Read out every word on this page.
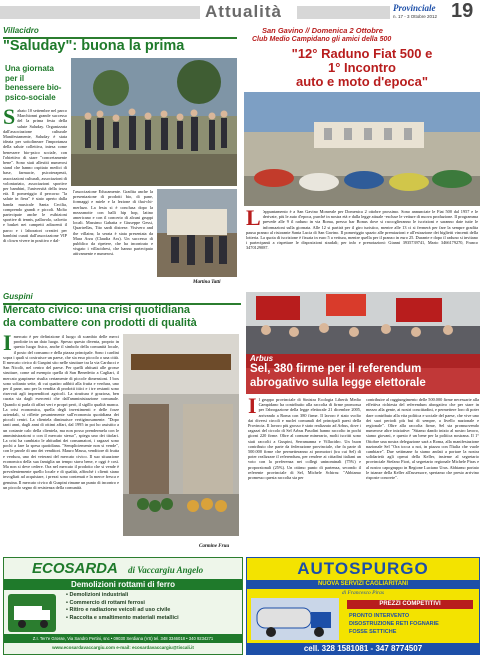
Attualità	Provinciale
n. 17 - 3 Ottobre 2012 19
Villacidro
"Saluday": buona la prima
Una giornata per il benessere bio-psico-sociale
Sabato 10 settembre nel parco Marchionni grande successo del la prima festa della salute Saluday. Organizzata dall'associazione culturale Manifestamente, Saluday è stata ideata per sottolineare l'importanza della salute collettiva, intesa come benessere bio-psico sociale, con l'obiettivo di stare "concretamente bene". Sono stati allestiti numerosi stand che hanno ospitato medici di base, farmacie, psicoterapeuti, associazioni culturali, associazioni di volontariato, associazioni sportive per bambini, l'università della terza età. Il pomeriggio il percorso "la salute in fiera" è stato aperto dalla banda musicale Santa Cecilia, comprendo grandi e piccoli. Molto partecipate anche le esibizioni sportive di tennis, pallavolo, calcetto e basket nei campetti adiacenti il parco e i laboratori creativi per bambini curati dall'associazione VIP di clown vivere in positivo e dal-
l'associazione Educamente. Gradita anche la presentazione di prodotti bio, di pane, formaggi e miele e la lezione di thai-chi-merluzo. La festa si è conclusa dopo la mezzanotte con balli hip hop, latino americano e con il concerto di alcuni gruppi locali. Massimo Gabatta e Giuseppe Gessi, Quartrellas, Tito sardi distrese. Visivero and the villains; la serata è stata presentata da Mara Arzu (Claudia Arx). Un successo di pubblico da ripetere, che ha incontrato e visgato i villacidresi, che hanno partecipato attivamente e numerosi.
Martina Tatti
San Gavino // Domenica 2 Ottobre
Club Medio Campidano gli amici della 500
"12° Raduno Fiat 500 e
1° Incontro
auto e moto d'epoca"
L 'appuntamento è a San Gavino Monreale per Domenica 2 ottobre prossimo. Sono annunciate le Fiat 500 dal 1957 e le derivate, più le auto d'epoca, purché in nostra età e dalla legge attuale -escluse le vetture di nuova produzione. Il programma prevede alle 9 il raduno in via Roma, presso bar Bonus dove si raccoglieranno le iscrizioni e saranno date tutte le informazioni sulla giornata. Alle 12 si partirà per il giro turistico, mentre alle 13 ci si fermerà per fare la sempre gradita pausa pranzo al ristorante Santa Lucia di San Gavino. Il pomeriggio spazio alle premiazioni e all'estrazione dei biglietti vincenti della lotteria. La quota di iscrizione è fissata in euro 5 a vettura, mentre quella per il pranzo in euro 25. Durante e dopo il raduno si invitano i partecipanti a rispettare le disposizioni stradali; per info e prenotazioni: Gianni 3935739741, Mario 3466179270, Franco 3470129087.
Guspini
Mercato civico: una crisi quotidiana
da combattere con prodotti di qualità
Imercato è per definizione il luogo di scambio delle merci prodotte in un dato luogo. Spesso questo diventa, proprio in questo luogo fisico, anche il simbolo della comunità locale, il posto del consumo e della piazza principale. Sono i cardini sopra i quali si costruisce un paese, che sia esso piccolo o una città. Il mercato civico di Guspini sito nelle strutture tra la via Carducci e San Nicolò, nel centro del paese. Per quelli abituati alle grosse strutture, come ad esempio quella di San Benedetto a Cagliari, il mercato guspinese risulta certamente di piccole dimensioni. I box sono soltanto sette, di cui quattro adibiti alla frutta e verdura, uno per il pane, uno per la vendita di prodotti ittici e i tre restanti sono riservati agli imprenditori agricoli. La struttura è graziosa, ben curata sia dagli esercenti che dall'amministrazione comunale. Quando si parla di affari veri e propri però, il sigillo qualità manca. La crisi economica, quella degli investimenti e delle forze aziendali, si riflette pesantemente sull'economia quotidiana dei piccoli centri. La clientela diminuisce vertiginosamente. "Dopo tanti anni, dagli anni di ottimi affari, dal 1995 in poi ho assistito a un costante calo della clientela, ma non posso prendermela con le amministrazioni o con il mercato stesso", spiega uno dei titolari. La crisi ha cambiato le abitudini dei consumatori, i ragazzi sono pochi a fare la spesa quotidiana. "Sempliciemente non si vende", con le parole di uno dei venditori. Mauro Massa, venditore di frutta e verdura, uno dei veterani del mercato civico. Il suo situazione economica della sua famiglia un tempo stava bene, e oggi è così. Ma non si deve cedere. Ora nel mercato il prodotto che si vende è prevalentemente quello locale e di qualità, affinché i clienti siano invogliati ad acquistare, i prezzi sono contenuti e la merce fresca e genuina. Il mercato civico di Guspini rimane un punto di incontro e un piccolo segno di resistenza della comunità.
Carmine Fruu
Arbus
Sel, 380 firme per il referendum
abrogativo sulla legge elettorale
Il gruppo provinciale di Sinistra Ecologia Libertà Medio Campidano ha contribuito alla raccolta di firme promossa per l'abrogazione della legge elettorale 21 dicembre 2005, arrivando a Roma con 380 firme. Il lavoro è stato svolto dai diversi circoli e nuclei comunali del principali paesi della Provincia. Il lavoro più grosso è stato realizzato ad Arbus, dove i ragazzi del circolo di Sel Arbus Pasolini hanno raccolto in pochi giorni 220 firme. Oltre al comune minerario, molti iscritti sono stati raccolti a Guspini, Serramanna e Villacidro. Un buon contributo che parte da federazione provinciale, che fa parte di 500.000 firme che permetteranno ai promotori (tra cui Sel) di poter realizzare il referendum, per rendere ai cittadini italiani un voto con la preferenza nei collegi uninominali (75%) e proporzionali (25%). Un ottimo punto di partenza, secondo il referente provinciale di Sel, Michele Schirru: "Abbiamo promesso questa raccolta sia per
contribuire al raggiungimento delle 500.000 firme necessarie alla effettiva richiesta del referendum abrogativo che per stare in mezzo alla gente, ai nostri concittadini, e permettere loro di poter dare contributo alla vita politica e sociale del paese, che vive uno dei suoi periodi più bui di sempre, a livello nazionale e regionale". Oltre alla raccolta firme, Sel sta promuovendo numerose altre iniziative: "Stiamo dando inizio al nostro lavoro, siamo giovani, e questo è un bene per la politica nostrana. Il 1° Ottobre una nostra delegazione sarà a Roma, alla manifestazione nazionale Sel "Ora tocca a noi, in piazza con l'Italia che vuole cambiare". Due settimane fa siamo andati a portare la nostra solidarietà agli operai della Keller, insieme al segretario provinciale Stefano Fiori, al segretario regionale Michele Piras e al nostro capogruppo in Regione Luciano Uras. Abbiamo portato le istanze della Keller all'assessore, speriamo che presto arrivino risposte concrete".
ECOSARDA di Vaccargiu Angelo
Demolizioni rottami di ferro
• Demolizioni industriali
• Commercio di rottami ferrosi
• Ritiro e radiazione veicoli ad uso civile
• Raccolta e smaltimento materiali metallici
Z.I. Terr'e Grosse, Via Sandro Pertini, snc • 09030 Serdiana (VS) tel. 348 3346018 • 340 9234271
www.ecosardavaccargiu.com e-mail: ecosardavaccargiu@tiscali.it
AUTOSPURGO
NUOVA SERVIZI CAGLIARITANI
di Francesco Piras
PREZZI COMPETITIVI
PRONTO INTERVENTO
DISOSTRUZIONE RETI FOGNARIE
FOSSE SETTICHE
cell. 328 1581081 - 347 8774507
